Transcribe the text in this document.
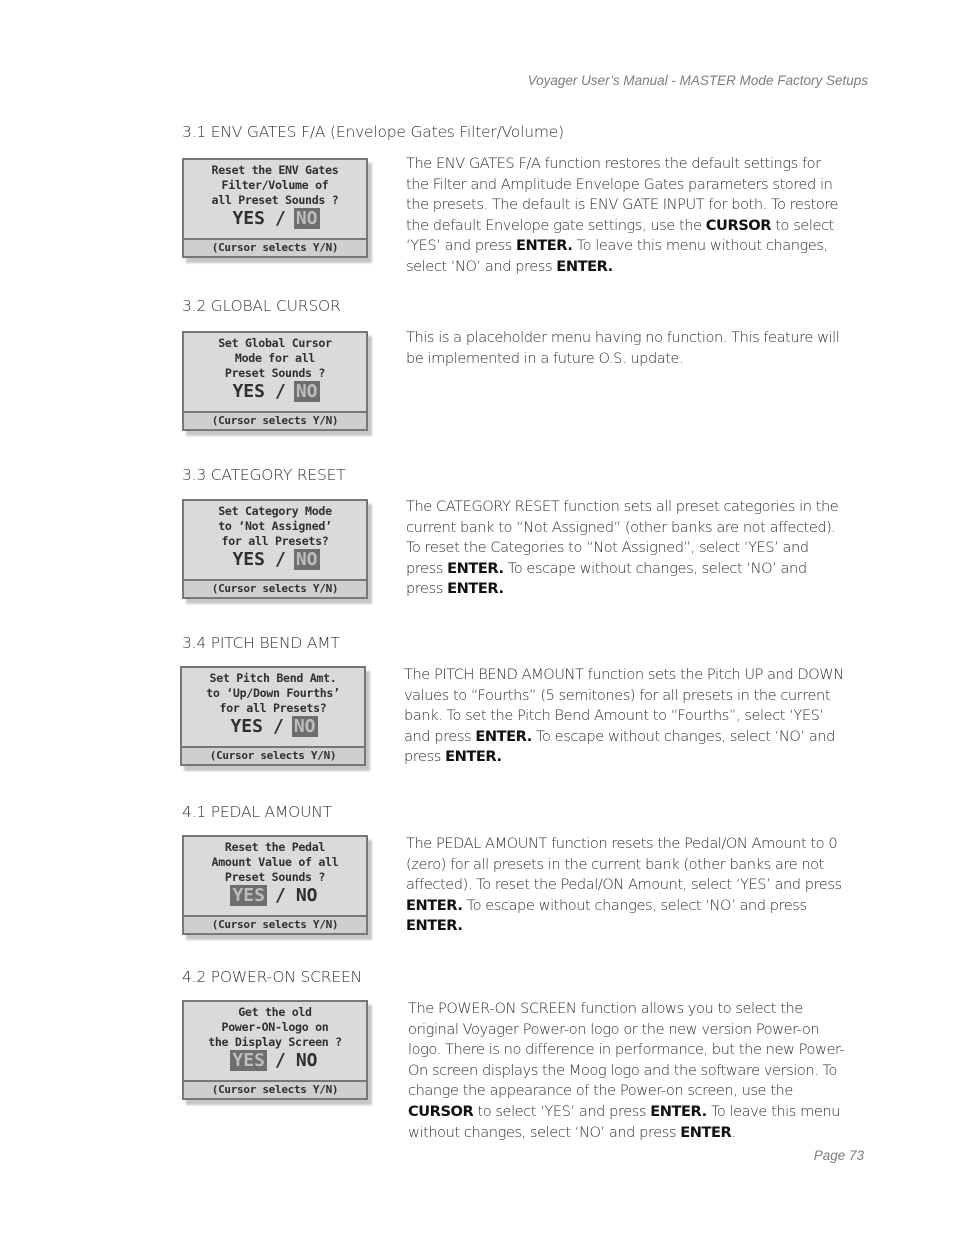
Voyager User’s Manual - MASTER Mode Factory Setups
3.1 ENV GATES F/A (Envelope Gates Filter/Volume)
Reset the ENV Gates
Filter/Volume of
all Preset Sounds ?
YES / NO
(Cursor selects Y/N)

The ENV GATES F/A function restores the default settings for the Filter and Amplitude Envelope Gates parameters stored in the presets. The default is ENV GATE INPUT for both. To restore the default Envelope gate settings, use the CURSOR to select ‘YES’ and press ENTER. To leave this menu without changes, select ‘NO’ and press ENTER.

3.2 GLOBAL CURSOR
Set Global Cursor
Mode for all
Preset Sounds ?
YES / NO
(Cursor selects Y/N)

This is a placeholder menu having no function. This feature will be implemented in a future O.S. update.

3.3 CATEGORY RESET
Set Category Mode
to ‘Not Assigned’
for all Presets?
YES / NO
(Cursor selects Y/N)

The CATEGORY RESET function sets all preset categories in the current bank to “Not Assigned” (other banks are not affected). To reset the Categories to “Not Assigned”, select ‘YES’ and press ENTER. To escape without changes, select ‘NO’ and press ENTER.

3.4 PITCH BEND AMT
Set Pitch Bend Amt.
to ‘Up/Down Fourths’
for all Presets?
YES / NO
(Cursor selects Y/N)

The PITCH BEND AMOUNT function sets the Pitch UP and DOWN values to “Fourths” (5 semitones) for all presets in the current bank. To set the Pitch Bend Amount to “Fourths”, select ‘YES’ and press ENTER. To escape without changes, select ‘NO’ and press ENTER.

4.1 PEDAL AMOUNT
Reset the Pedal
Amount Value of all
Preset Sounds ?
YES / NO
(Cursor selects Y/N)

The PEDAL AMOUNT function resets the Pedal/ON Amount to 0 (zero) for all presets in the current bank (other banks are not affected). To reset the Pedal/ON Amount, select ‘YES’ and press ENTER. To escape without changes, select ‘NO’ and press ENTER.

4.2 POWER-ON SCREEN
Get the old
Power-ON-logo on
the Display Screen ?
YES / NO
(Cursor selects Y/N)

The POWER-ON SCREEN function allows you to select the original Voyager Power-on logo or the new version Power-on logo. There is no difference in performance, but the new Power-On screen displays the Moog logo and the software version. To change the appearance of the Power-on screen, use the CURSOR to select ‘YES’ and press ENTER. To leave this menu without changes, select ‘NO’ and press ENTER.

Page 73
